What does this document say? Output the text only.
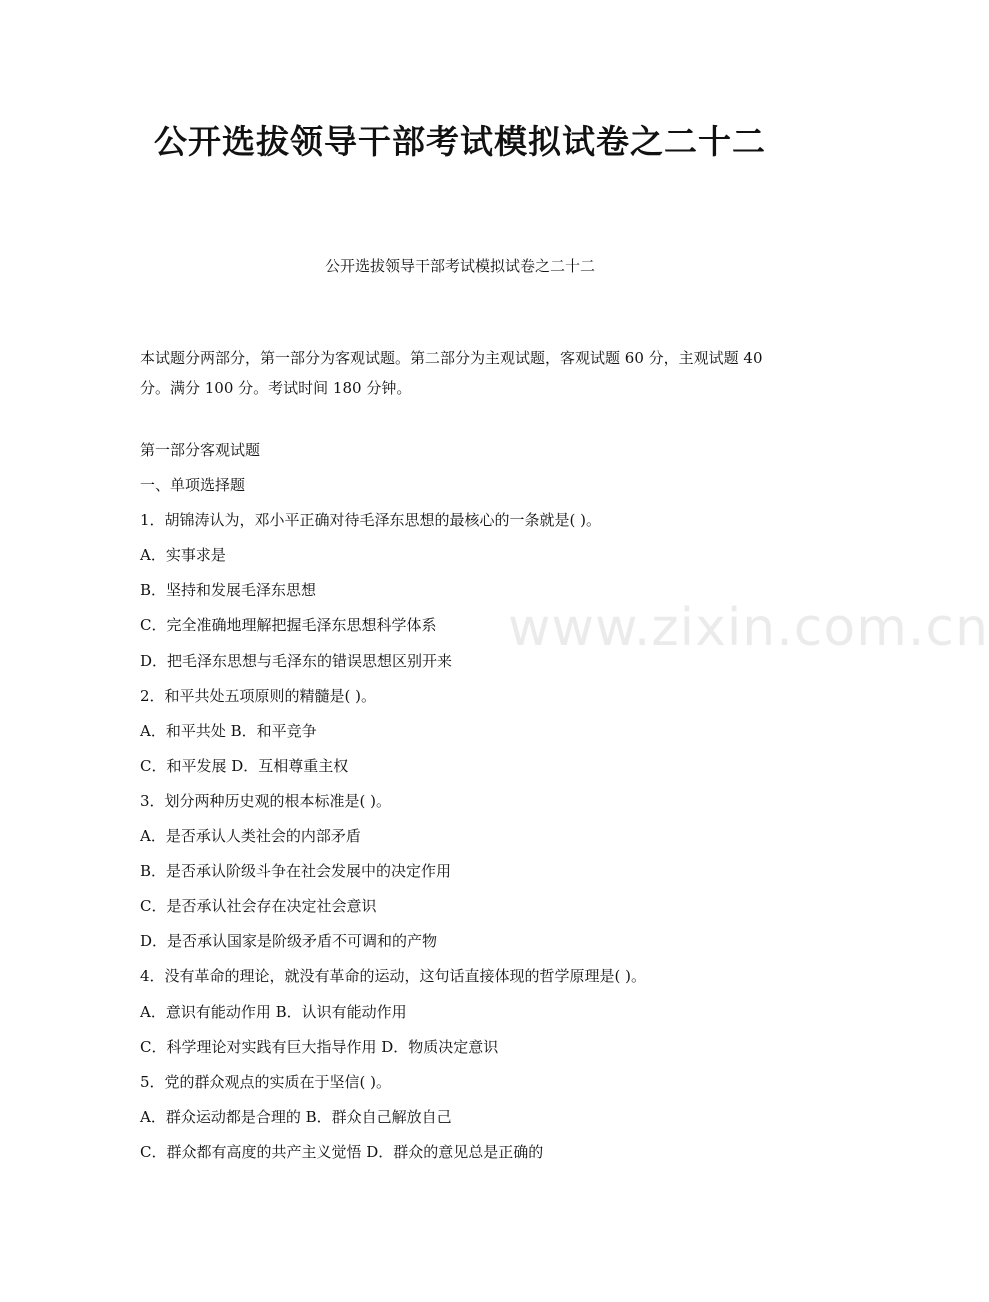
公开选拔领导干部考试模拟试卷之二十二

公开选拔领导干部考试模拟试卷之二十二

本试题分两部分，第一部分为客观试题。第二部分为主观试题，客观试题 60 分，主观试题 40 分。满分 100 分。考试时间 180 分钟。

第一部分客观试题
一、单项选择题
1．胡锦涛认为，邓小平正确对待毛泽东思想的最核心的一条就是( )。
A．实事求是
B．坚持和发展毛泽东思想
C．完全准确地理解把握毛泽东思想科学体系
D．把毛泽东思想与毛泽东的错误思想区别开来
2．和平共处五项原则的精髓是( )。
A．和平共处 B．和平竞争
C．和平发展 D．互相尊重主权
3．划分两种历史观的根本标准是( )。
A．是否承认人类社会的内部矛盾
B．是否承认阶级斗争在社会发展中的决定作用
C．是否承认社会存在决定社会意识
D．是否承认国家是阶级矛盾不可调和的产物
4．没有革命的理论，就没有革命的运动，这句话直接体现的哲学原理是( )。
A．意识有能动作用 B．认识有能动作用
C．科学理论对实践有巨大指导作用 D．物质决定意识
5．党的群众观点的实质在于坚信( )。
A．群众运动都是合理的 B．群众自己解放自己
C．群众都有高度的共产主义觉悟 D．群众的意见总是正确的
www.zixin.com.cn
